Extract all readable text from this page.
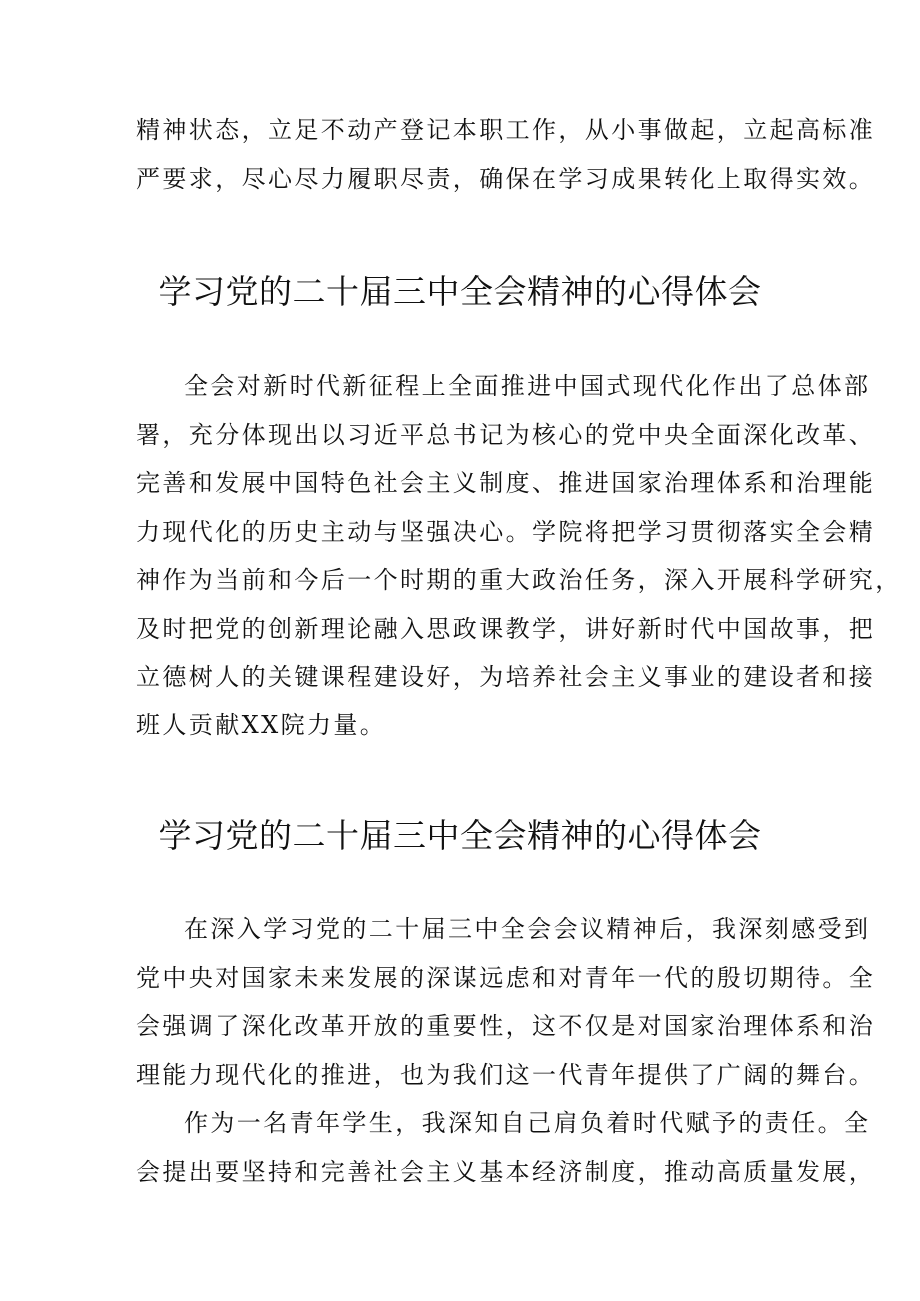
精神状态，立足不动产登记本职工作，从小事做起，立起高标准
严要求，尽心尽力履职尽责，确保在学习成果转化上取得实效。
学习党的二十届三中全会精神的心得体会
全会对新时代新征程上全面推进中国式现代化作出了总体部
署，充分体现出以习近平总书记为核心的党中央全面深化改革、
完善和发展中国特色社会主义制度、推进国家治理体系和治理能
力现代化的历史主动与坚强决心。学院将把学习贯彻落实全会精
神作为当前和今后一个时期的重大政治任务，深入开展科学研究，
及时把党的创新理论融入思政课教学，讲好新时代中国故事，把
立德树人的关键课程建设好，为培养社会主义事业的建设者和接
班人贡献XX院力量。
学习党的二十届三中全会精神的心得体会
在深入学习党的二十届三中全会会议精神后，我深刻感受到
党中央对国家未来发展的深谋远虑和对青年一代的殷切期待。全
会强调了深化改革开放的重要性，这不仅是对国家治理体系和治
理能力现代化的推进，也为我们这一代青年提供了广阔的舞台。
作为一名青年学生，我深知自己肩负着时代赋予的责任。全
会提出要坚持和完善社会主义基本经济制度，推动高质量发展，
